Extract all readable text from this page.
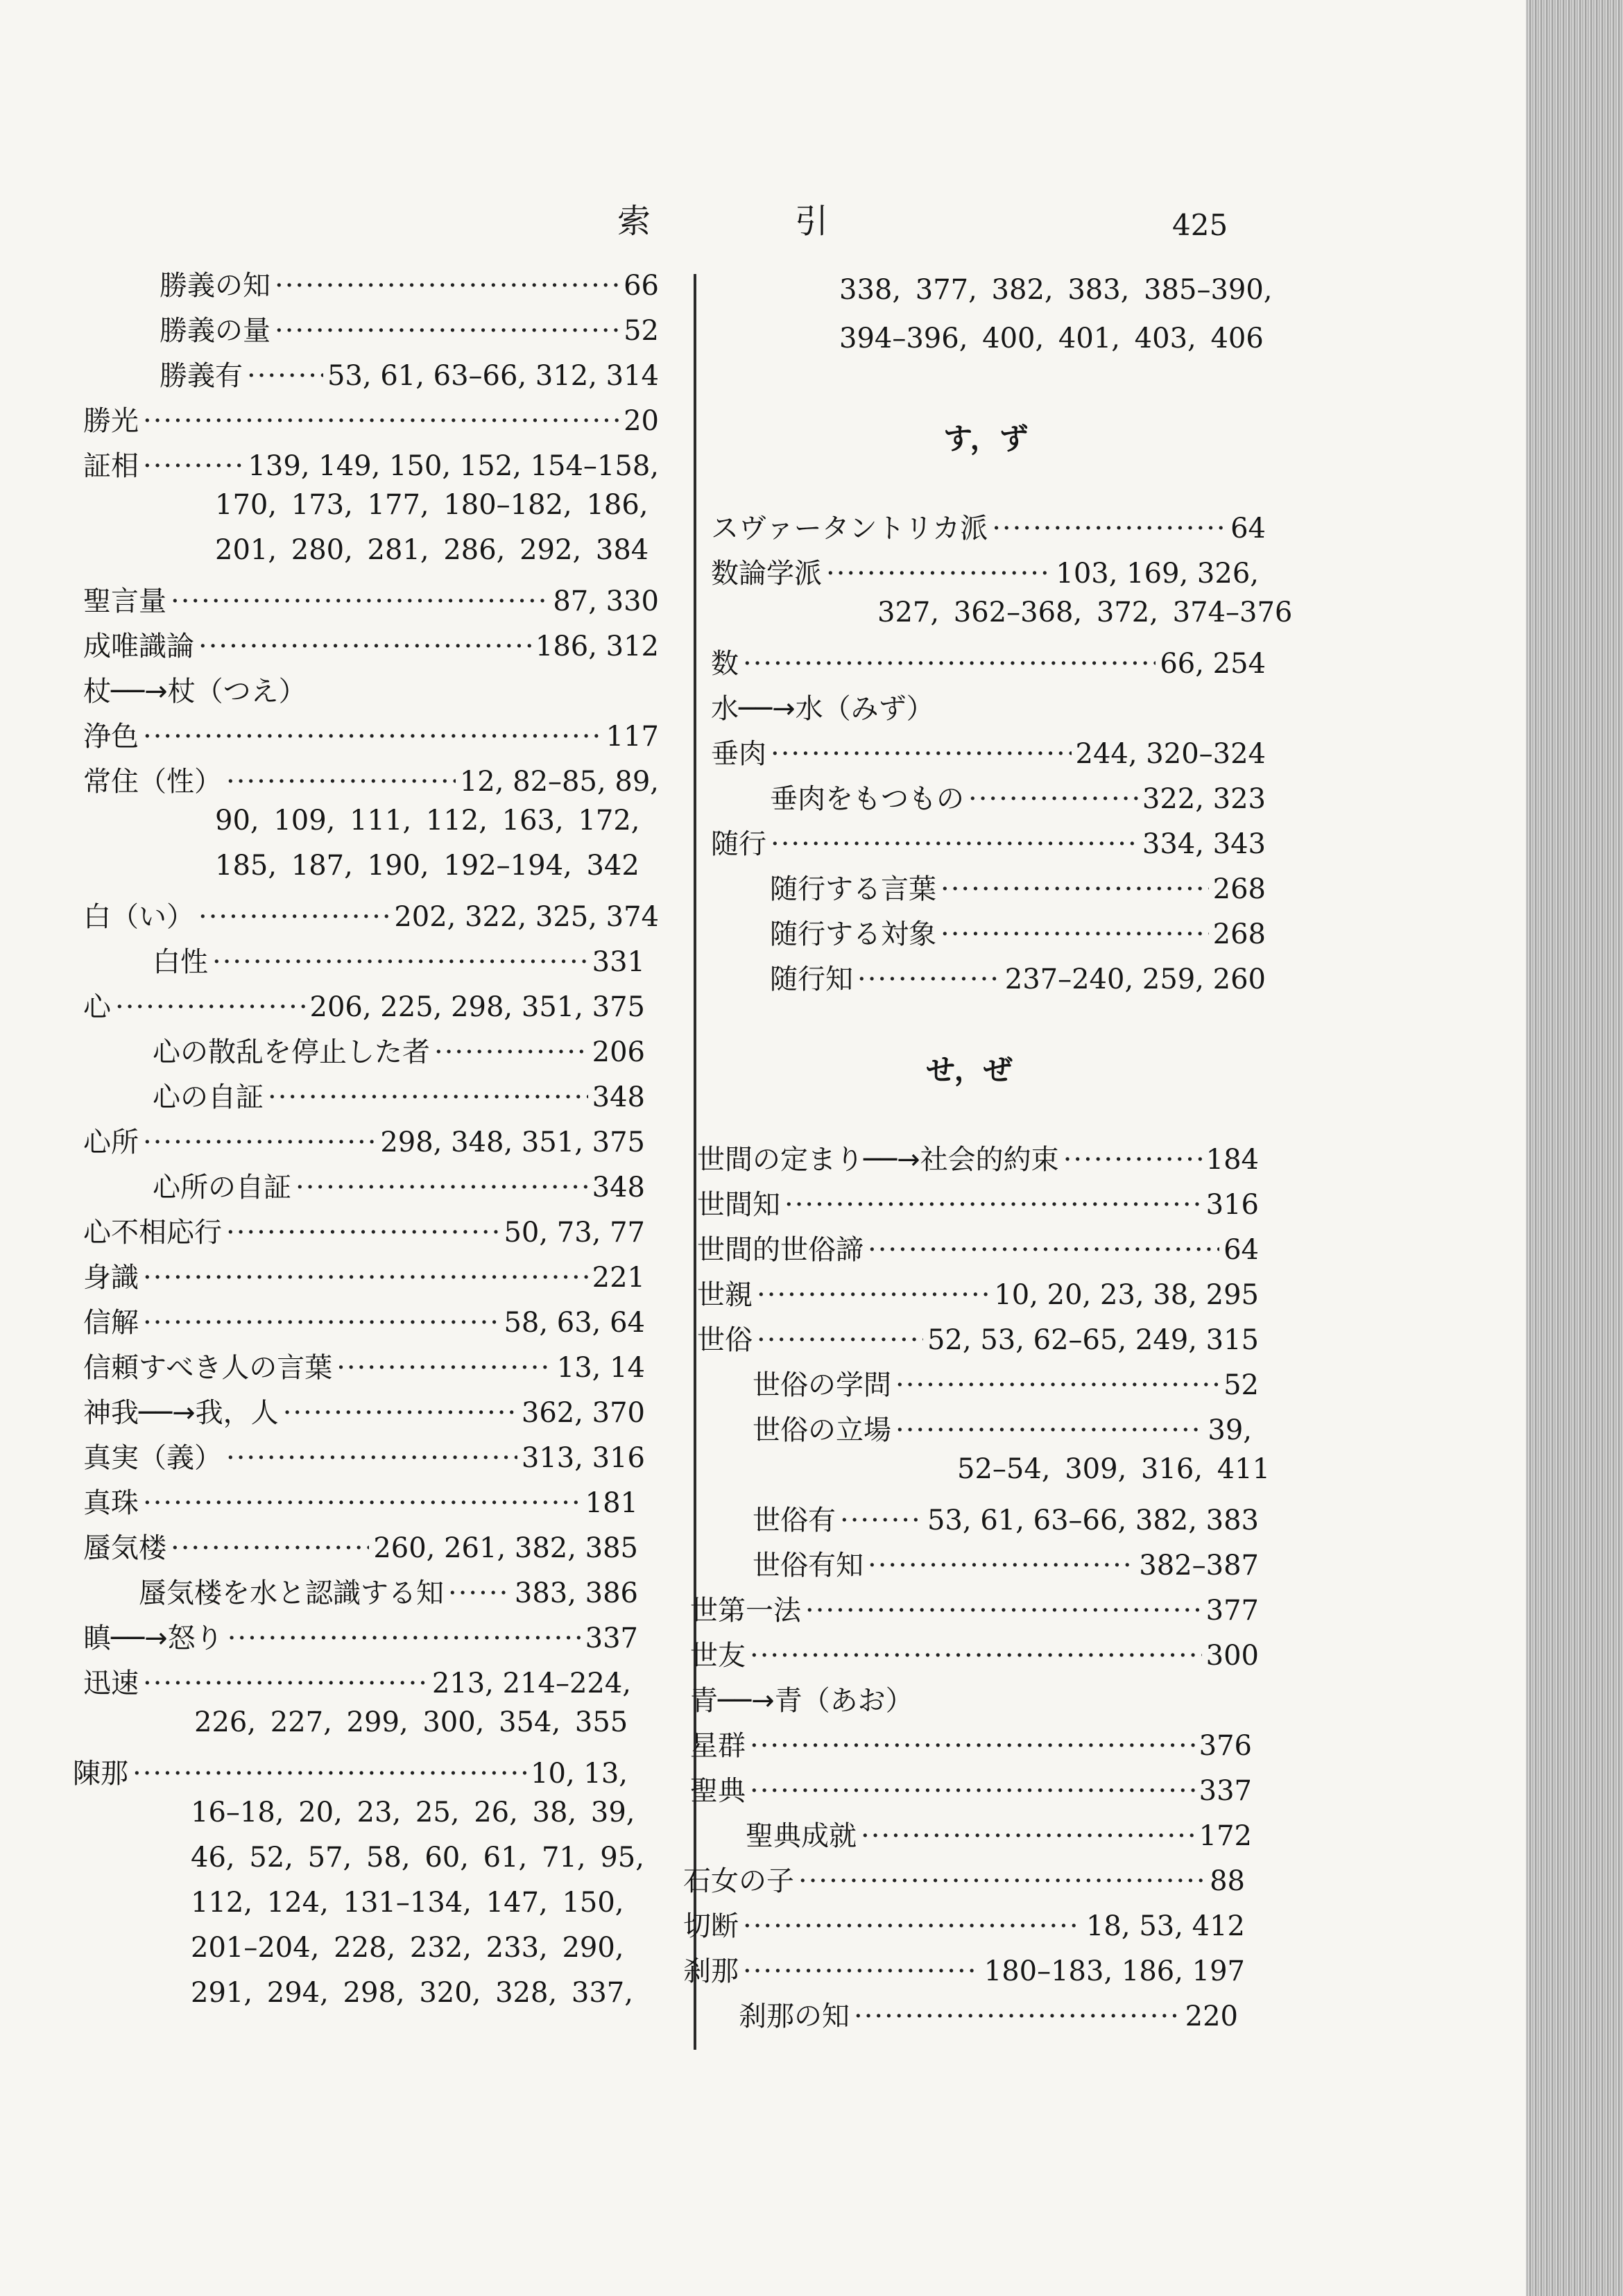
索　引	425
勝義の知 ·····	66
勝義の量 ·····	52
勝義有 ·····	53, 61, 63–66, 312, 314
勝光 ·····	20
証相 ·····	139, 149, 150, 152, 154–158,
170, 173, 177, 180–182, 186,
201, 280, 281, 286, 292, 384
聖言量 ·····	87, 330
成唯識論 ·····	186, 312
杖──→杖（つえ）
浄色 ·····	117
常住（性） ·····	12, 82–85, 89,
90, 109, 111, 112, 163, 172,
185, 187, 190, 192–194, 342
白（い） ·····	202, 322, 325, 374
白性 ·····	331
心 ·····	206, 225, 298, 351, 375
心の散乱を停止した者 ·····	206
心の自証 ·····	348
心所 ·····	298, 348, 351, 375
心所の自証 ·····	348
心不相応行 ·····	50, 73, 77
身識 ·····	221
信解 ·····	58, 63, 64
信頼すべき人の言葉 ·····	13, 14
神我──→我，人 ·····	362, 370
真実（義） ·····	313, 316
真珠 ·····	181
蜃気楼 ·····	260, 261, 382, 385
蜃気楼を水と認識する知 ·····	383, 386
瞋──→怒り ·····	337
迅速 ·····	213, 214–224,
226, 227, 299, 300, 354, 355
陳那 ·····	10, 13,
16–18, 20, 23, 25, 26, 38, 39,
46, 52, 57, 58, 60, 61, 71, 95,
112, 124, 131–134, 147, 150,
201–204, 228, 232, 233, 290,
291, 294, 298, 320, 328, 337,
338, 377, 382, 383, 385–390,
394–396, 400, 401, 403, 406
す，ず
スヴァータントリカ派 ·····	64
数論学派 ·····	103, 169, 326,
327, 362–368, 372, 374–376
数 ·····	66, 254
水──→水（みず）
垂肉 ·····	244, 320–324
垂肉をもつもの ·····	322, 323
随行 ·····	334, 343
随行する言葉 ·····	268
随行する対象 ·····	268
随行知 ·····	237–240, 259, 260
せ，ぜ
世間の定まり──→社会的約束 ·····	184
世間知 ·····	316
世間的世俗諦 ·····	64
世親 ·····	10, 20, 23, 38, 295
世俗 ·····	52, 53, 62–65, 249, 315
世俗の学問 ·····	52
世俗の立場 ·····	39,
52–54, 309, 316, 411
世俗有 ·····	53, 61, 63–66, 382, 383
世俗有知 ·····	382–387
世第一法 ·····	377
世友 ·····	300
青──→青（あお）
星群 ·····	376
聖典 ·····	337
聖典成就 ·····	172
石女の子 ·····	88
切断 ·····	18, 53, 412
刹那 ·····	180–183, 186, 197
刹那の知 ·····	220
